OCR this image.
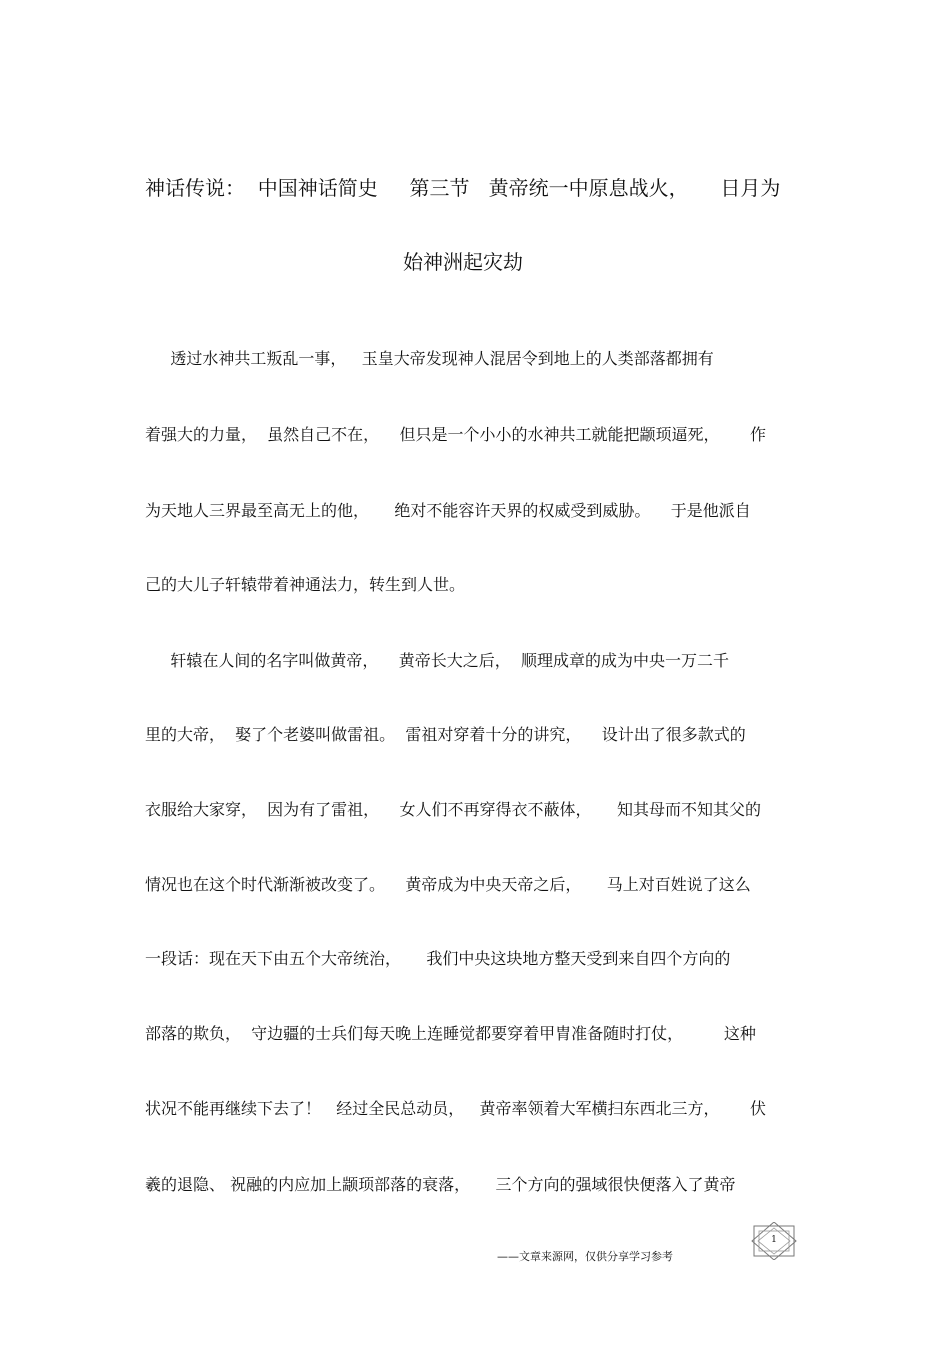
神话传说：  中国神话简史     第三节   黄帝统一中原息战火，     日月为
始神洲起灾劫
透过水神共工叛乱一事，   玉皇大帝发现神人混居令到地上的人类部落都拥有
着强大的力量，  虽然自己不在，    但只是一个小小的水神共工就能把颛顼逼死，      作
为天地人三界最至高无上的他，     绝对不能容许天界的权威受到威胁。    于是他派自
己的大儿子轩辕带着神通法力，转生到人世。
轩辕在人间的名字叫做黄帝，    黄帝长大之后，  顺理成章的成为中央一万二千
里的大帝，  娶了个老婆叫做雷祖。  雷祖对穿着十分的讲究，    设计出了很多款式的
衣服给大家穿，  因为有了雷祖，    女人们不再穿得衣不蔽体，     知其母而不知其父的
情况也在这个时代渐渐被改变了。    黄帝成为中央天帝之后，     马上对百姓说了这么
一段话：现在天下由五个大帝统治，     我们中央这块地方整天受到来自四个方向的
部落的欺负，  守边疆的士兵们每天晚上连睡觉都要穿着甲胄准备随时打仗，        这种
状况不能再继续下去了！   经过全民总动员，   黄帝率领着大军横扫东西北三方，      伏
羲的退隐、 祝融的内应加上颛顼部落的衰落，     三个方向的强域很快便落入了黄帝
1
——文章来源网，仅供分享学习参考
